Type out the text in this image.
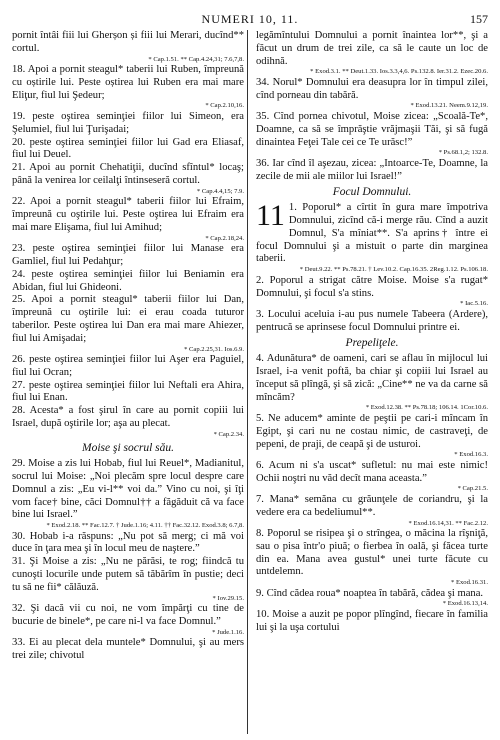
NUMERI 10, 11.	157
pornit întâi fiii lui Gherșon și fiii lui Merari, ducînd** cortul.
* Cap.1.51. ** Cap.4.24,31; 7.6,7,8.
18. Apoi a pornit steagul* taberii lui Ruben, împreună cu oștirile lui. Peste oștirea lui Ruben era mai mare Eliţur, fiul lui Şedeur;
* Cap.2.10,16.
19. peste oştirea seminţiei fiilor lui Simeon, era Şelumiel, fiul lui Ţurişadai;
20. peste oştirea seminţiei fiilor lui Gad era Eliasaf, fiul lui Deuel.
21. Apoi au pornit Chehatiţii, ducînd sfîntul* locaş; până la venirea lor ceilalţi întinseseră cortul.
* Cap.4.4,15; 7.9.
22. Apoi a pornit steagul* taberii fiilor lui Efraim, împreună cu oştirile lui. Peste oştirea lui Efraim era mai mare Elişama, fiul lui Amihud;
* Cap.2.18,24.
23. peste oştirea seminţiei fiilor lui Manase era Gamliel, fiul lui Pedahţur;
24. peste oştirea seminţiei fiilor lui Beniamin era Abidan, fiul lui Ghideoni.
25. Apoi a pornit steagul* taberii fiilor lui Dan, împreună cu oştirile lui: ei erau coada tuturor taberilor. Peste oştirea lui Dan era mai mare Ahiezer, fiul lui Amişadai;
* Cap.2.25,31. Ios.6.9.
26. peste oştirea seminţiei fiilor lui Aşer era Paguiel, fiul lui Ocran;
27. peste oştirea seminţiei fiilor lui Neftali era Ahira, fiul lui Enan.
28. Acesta* a fost şirul în care au pornit copiii lui Israel, după oştirile lor; aşa au plecat.
* Cap.2.34.
Moise şi socrul său.
29. Moise a zis lui Hobab, fiul lui Reuel*, Madianitul, socrul lui Moise: „Noi plecăm spre locul despre care Domnul a zis: „Eu vi-l** voi da.” Vino cu noi, şi îţi vom face† bine, căci Domnul†† a făgăduit că va face bine lui Israel.”
* Exod.2.18. ** Fac.12.7. † Jude.1.16; 4.11. †† Fac.32.12. Exod.3.8; 6.7,8.
30. Hobab i-a răspuns: „Nu pot să merg; ci mă voi duce în ţara mea şi în locul meu de naştere.”
31. Şi Moise a zis: „Nu ne părăsi, te rog; fiindcă tu cunoşti locurile unde putem să tăbărîm în pustie; deci tu să ne fii* călăuză.
* Iov.29.15.
32. Şi dacă vii cu noi, ne vom împărţi cu tine de bucurie de binele*, pe care ni-l va face Domnul.”
* Jude.1.16.
33. Ei au plecat dela muntele* Domnului, şi au mers trei zile; chivotul
legămîntului Domnului a pornit înaintea lor**, şi a făcut un drum de trei zile, ca să le caute un loc de odihnă.
* Exod.3.1. ** Deut.1.33. Ios.3.3,4,6. Ps.132.8. Ier.31.2. Ezec.20.6.
34. Norul* Domnului era deasupra lor în timpul zilei, cînd porneau din tabără.
* Exod.13.21. Neem.9.12,19.
35. Cînd pornea chivotul, Moise zicea: „Scoală-Te*, Doamne, ca să se împrăştie vrăjmaşii Tăi, şi să fugă dinaintea Feţei Tale cei ce Te urăsc!”
* Ps.68.1,2; 132.8.
36. Iar cînd îl aşezau, zicea: „Intoarce-Te, Doamne, la zecile de mii ale miilor lui Israel!”
Focul Domnului.
11 1. Poporul* a cîrtit în gura mare împotriva Domnului, zicînd că-i merge rău. Cînd a auzit Domnul, S'a mîniat**. S'a aprins† între ei focul Domnului şi a mistuit o parte din marginea taberii.
* Deut.9.22. ** Ps.78.21. † Lev.10.2. Cap.16.35. 2Reg.1.12. Ps.106.18.
2. Poporul a strigat către Moise. Moise s'a rugat* Domnului, şi focul s'a stins.
* Iac.5.16.
3. Locului aceluia i-au pus numele Tabeera (Ardere), pentrucă se aprinsese focul Domnului printre ei.
Prepeliţele.
4. Adunătura* de oameni, cari se aflau în mijlocul lui Israel, i-a venit poftă, ba chiar şi copiii lui Israel au început să plîngă, şi să zică: „Cine** ne va da carne să mîncăm?
* Exod.12.38. ** Ps.78.18; 106.14. 1Cor.10.6.
5. Ne aducem* aminte de peştii pe cari-i mîncam în Egipt, şi cari nu ne costau nimic, de castraveţi, de pepeni, de praji, de ceapă şi de usturoi.
* Exod.16.3.
6. Acum ni s'a uscat* sufletul: nu mai este nimic! Ochii noştri nu văd decît mana aceasta.”
* Cap.21.5.
7. Mana* semăna cu grăunţele de coriandru, şi la vedere era ca bedeliumul**.
* Exod.16.14,31. ** Fac.2.12.
8. Poporul se risipea şi o strîngea, o măcina la rîşniţă, sau o pisa într'o piuă; o fierbea în oală, şi făcea turte din ea. Mana avea gustul* unei turte făcute cu untdelemn.
* Exod.16.31.
9. Cînd cădea roua* noaptea în tabără, cădea şi mana.
* Exod.16.13,14.
10. Moise a auzit pe popor plîngînd, fiecare în familia lui şi la uşa cortului
